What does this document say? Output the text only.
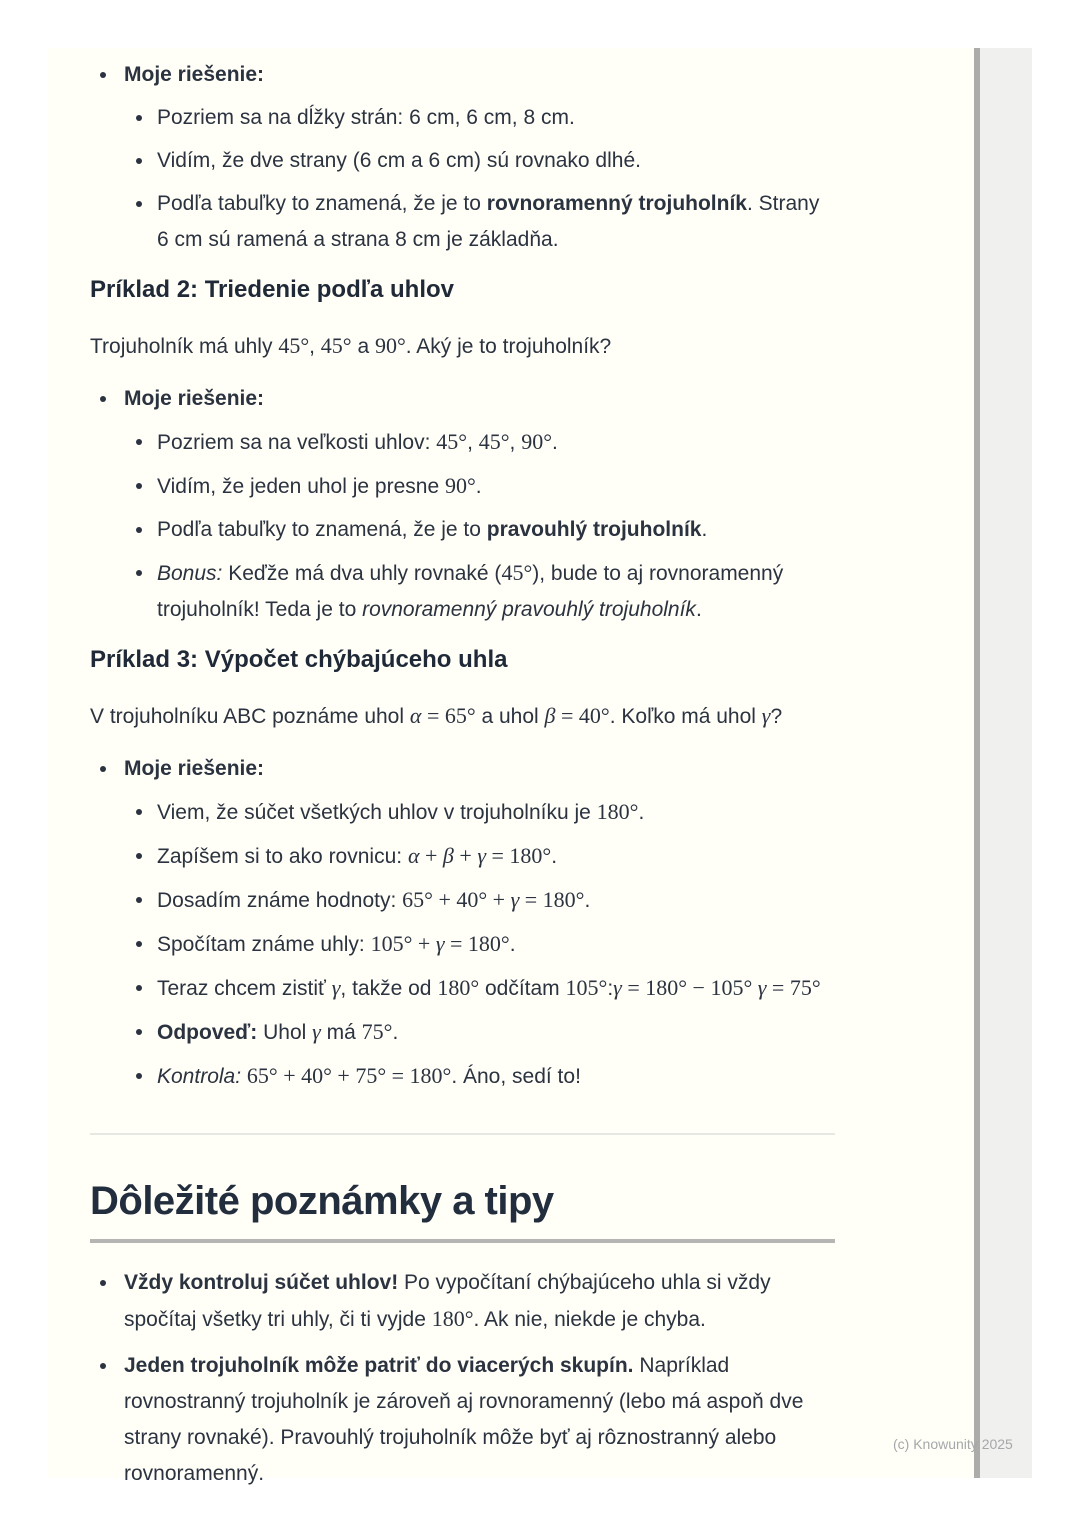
Moje riešenie:
Pozriem sa na dĺžky strán: 6 cm, 6 cm, 8 cm.
Vidím, že dve strany (6 cm a 6 cm) sú rovnako dlhé.
Podľa tabuľky to znamená, že je to rovnoramenný trojuholník. Strany 6 cm sú ramená a strana 8 cm je základňa.
Príklad 2: Triedenie podľa uhlov

Trojuholník má uhly 45°, 45° a 90°. Aký je to trojuholník?

Moje riešenie:
Pozriem sa na veľkosti uhlov: 45°, 45°, 90°.
Vidím, že jeden uhol je presne 90°.
Podľa tabuľky to znamená, že je to pravouhlý trojuholník.
Bonus: Keďže má dva uhly rovnaké (45°), bude to aj rovnoramenný trojuholník! Teda je to rovnoramenný pravouhlý trojuholník.
Príklad 3: Výpočet chýbajúceho uhla

V trojuholníku ABC poznáme uhol α = 65° a uhol β = 40°. Koľko má uhol γ?

Moje riešenie:
Viem, že súčet všetkých uhlov v trojuholníku je 180°.
Zapíšem si to ako rovnicu: α + β + γ = 180°.
Dosadím známe hodnoty: 65° + 40° + γ = 180°.
Spočítam známe uhly: 105° + γ = 180°.
Teraz chcem zistiť γ, takže od 180° odčítam 105°:γ = 180° − 105° γ = 75°
Odpoveď: Uhol γ má 75°.
Kontrola: 65° + 40° + 75° = 180°. Áno, sedí to!
Dôležité poznámky a tipy
Vždy kontroluj súčet uhlov! Po vypočítaní chýbajúceho uhla si vždy spočítaj všetky tri uhly, či ti vyjde 180°. Ak nie, niekde je chyba.
Jeden trojuholník môže patriť do viacerých skupín. Napríklad rovnostranný trojuholník je zároveň aj rovnoramenný (lebo má aspoň dve strany rovnaké). Pravouhlý trojuholník môže byť aj rôznostranný alebo rovnoramenný.
(c) Knowunity 2025
